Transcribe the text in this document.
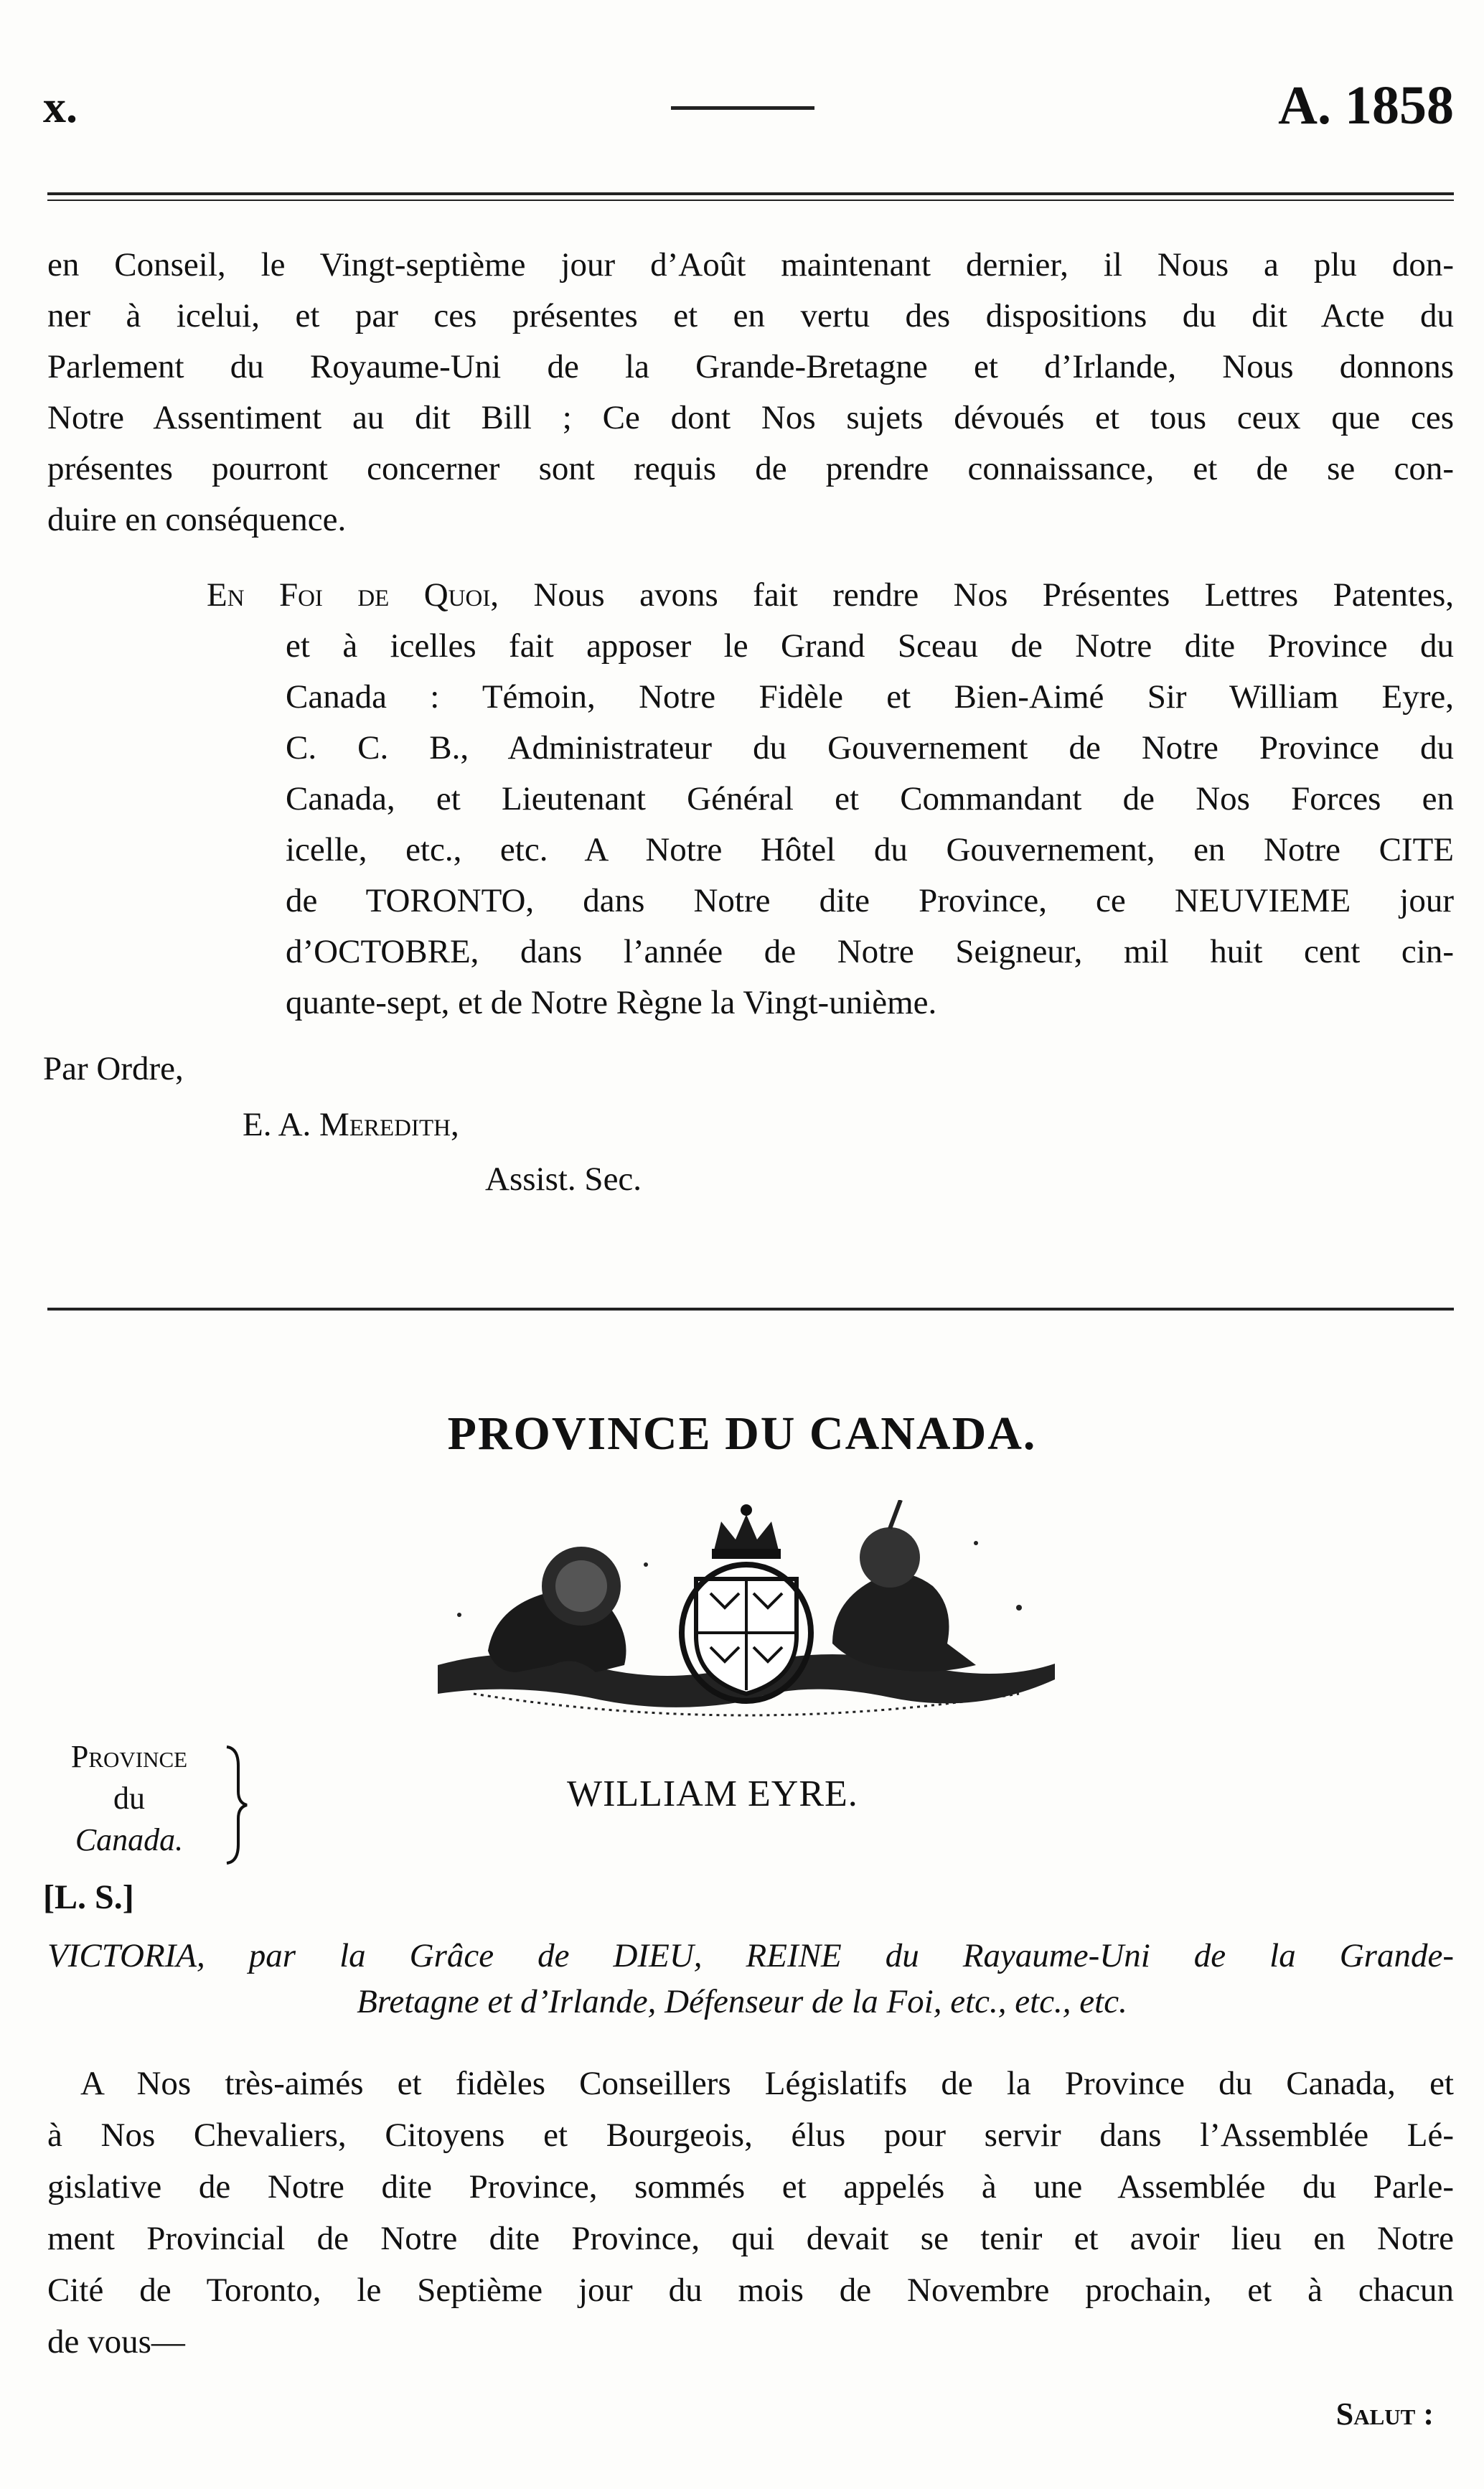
x.	A. 1858
en Conseil, le Vingt-septième jour d’Août maintenant dernier, il Nous a plu don-
ner à icelui, et par ces présentes et en vertu des dispositions du dit Acte du
Parlement du Royaume-Uni de la Grande-Bretagne et d’Irlande, Nous donnons
Notre Assentiment au dit Bill ; Ce dont Nos sujets dévoués et tous ceux que ces
présentes pourront concerner sont requis de prendre connaissance, et de se con-
duire en conséquence.
En Foi de Quoi, Nous avons fait rendre Nos Présentes Lettres Patentes,
et à icelles fait apposer le Grand Sceau de Notre dite Province du
Canada : Témoin, Notre Fidèle et Bien-Aimé Sir William Eyre,
C. C. B., Administrateur du Gouvernement de Notre Province du
Canada, et Lieutenant Général et Commandant de Nos Forces en
icelle, etc., etc. A Notre Hôtel du Gouvernement, en Notre CITE
de TORONTO, dans Notre dite Province, ce NEUVIEME jour
d’OCTOBRE, dans l’année de Notre Seigneur, mil huit cent cin-
quante-sept, et de Notre Règne la Vingt-unième.
Par Ordre,
E. A. Meredith,
Assist. Sec.
PROVINCE DU CANADA.
Province
du
Canada.
WILLIAM EYRE.
[L. S.]
VICTORIA, par la Grâce de DIEU, REINE du Rayaume-Uni de la Grande-
Bretagne et d’Irlande, Défenseur de la Foi, etc., etc., etc.
A Nos très-aimés et fidèles Conseillers Législatifs de la Province du Canada, et
à Nos Chevaliers, Citoyens et Bourgeois, élus pour servir dans l’Assemblée Lé-
gislative de Notre dite Province, sommés et appelés à une Assemblée du Parle-
ment Provincial de Notre dite Province, qui devait se tenir et avoir lieu en Notre
Cité de Toronto, le Septième jour du mois de Novembre prochain, et à chacun
de vous—
Salut :
